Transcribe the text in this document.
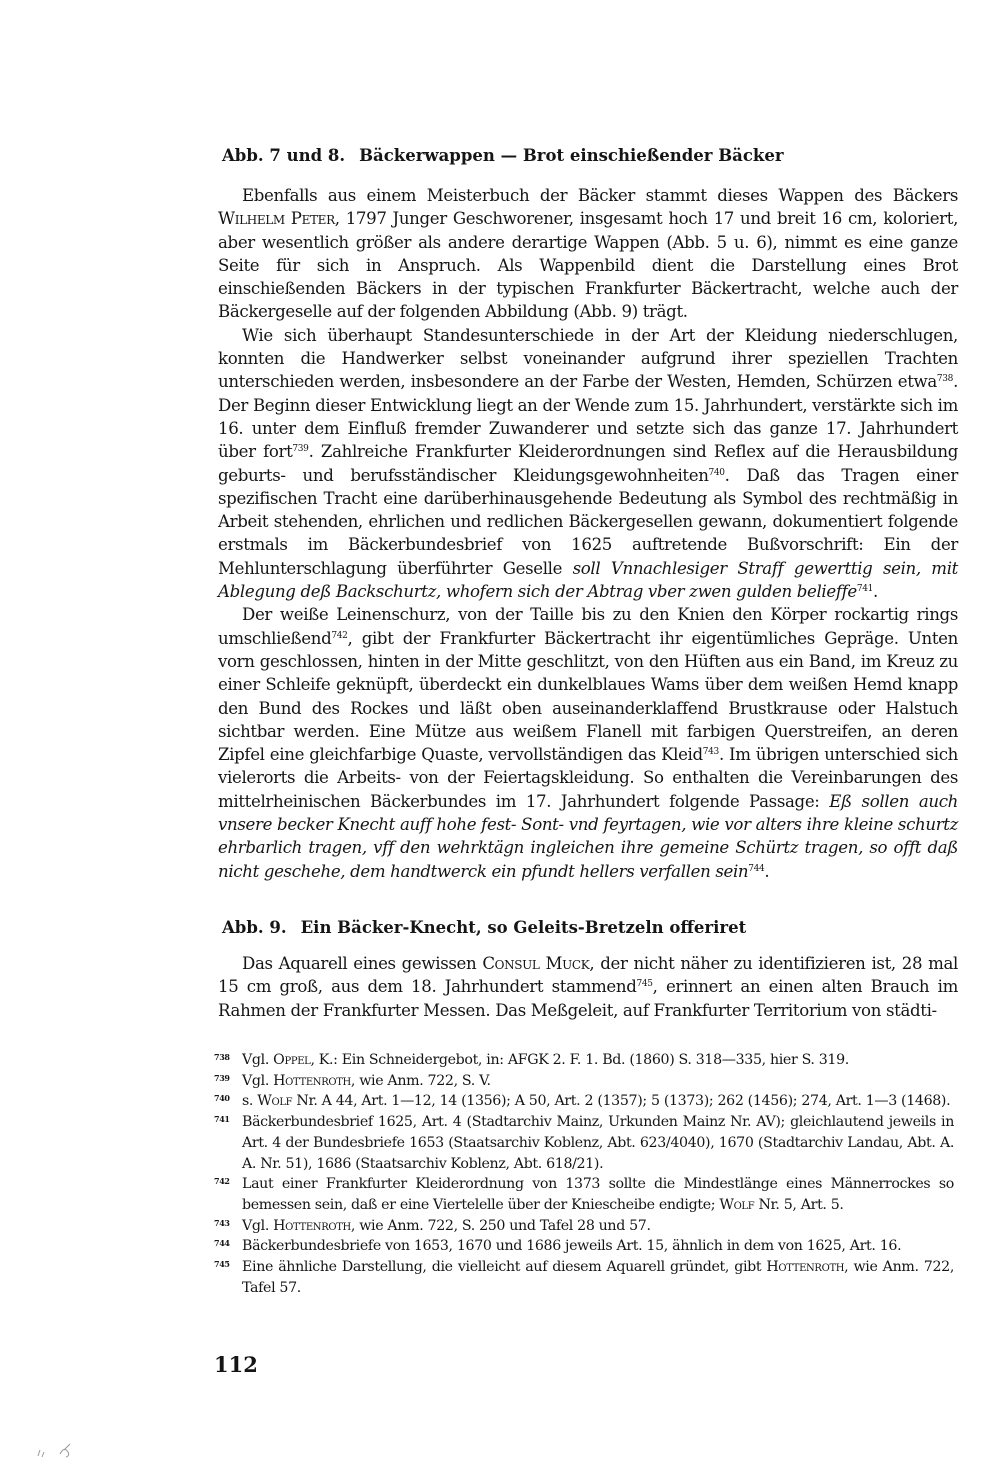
Abb. 7 und 8. Bäckerwappen — Brot einschießender Bäcker

Ebenfalls aus einem Meisterbuch der Bäcker stammt dieses Wappen des Bäckers Wilhelm Peter, 1797 Junger Geschworener, insgesamt hoch 17 und breit 16 cm, koloriert, aber wesentlich größer als andere derartige Wappen (Abb. 5 u. 6), nimmt es eine ganze Seite für sich in Anspruch. Als Wappenbild dient die Darstellung eines Brot einschießenden Bäckers in der typischen Frankfurter Bäckertracht, welche auch der Bäckergeselle auf der folgenden Abbildung (Abb. 9) trägt.

Wie sich überhaupt Standesunterschiede in der Art der Kleidung niederschlugen, konnten die Handwerker selbst voneinander aufgrund ihrer speziellen Trachten unterschieden werden, insbesondere an der Farbe der Westen, Hemden, Schürzen etwa$^{738}$. Der Beginn dieser Entwicklung liegt an der Wende zum 15. Jahrhundert, verstärkte sich im 16. unter dem Einfluß fremder Zuwanderer und setzte sich das ganze 17. Jahrhundert über fort$^{739}$. Zahlreiche Frankfurter Kleiderordnungen sind Reflex auf die Herausbildung geburts- und berufsständischer Kleidungsgewohnheiten$^{740}$. Daß das Tragen einer spezifischen Tracht eine darüberhinausgehende Bedeutung als Symbol des rechtmäßig in Arbeit stehenden, ehrlichen und redlichen Bäckergesellen gewann, dokumentiert folgende erstmals im Bäckerbundesbrief von 1625 auftretende Bußvorschrift: Ein der Mehlunterschlagung überführter Geselle soll Vnnachlesiger Straff gewerttig sein, mit Ablegung deß Backschurtz, whofern sich der Abtrag vber zwen gulden belieffe$^{741}$.

Der weiße Leinenschurz, von der Taille bis zu den Knien den Körper rockartig rings umschließend$^{742}$, gibt der Frankfurter Bäckertracht ihr eigentümliches Gepräge. Unten vorn geschlossen, hinten in der Mitte geschlitzt, von den Hüften aus ein Band, im Kreuz zu einer Schleife geknüpft, überdeckt ein dunkelblaues Wams über dem weißen Hemd knapp den Bund des Rockes und läßt oben auseinanderklaffend Brustkrause oder Halstuch sichtbar werden. Eine Mütze aus weißem Flanell mit farbigen Querstreifen, an deren Zipfel eine gleichfarbige Quaste, vervollständigen das Kleid$^{743}$. Im übrigen unterschied sich vielerorts die Arbeits- von der Feiertagskleidung. So enthalten die Vereinbarungen des mittelrheinischen Bäckerbundes im 17. Jahrhundert folgende Passage: Eß sollen auch vnsere becker Knecht auff hohe fest- Sont- vnd feyrtagen, wie vor alters ihre kleine schurtz ehrbarlich tragen, vff den wehrktägn ingleichen ihre gemeine Schürtz tragen, so offt daß nicht geschehe, dem handtwerck ein pfundt hellers verfallen sein$^{744}$.

Abb. 9. Ein Bäcker-Knecht, so Geleits-Bretzeln offeriret

Das Aquarell eines gewissen Consul Muck, der nicht näher zu identifizieren ist, 28 mal 15 cm groß, aus dem 18. Jahrhundert stammend$^{745}$, erinnert an einen alten Brauch im Rahmen der Frankfurter Messen. Das Meßgeleit, auf Frankfurter Territorium von städti-

738 Vgl. Oppel, K.: Ein Schneidergebot, in: AFGK 2. F. 1. Bd. (1860) S. 318—335, hier S. 319.
739 Vgl. Hottenroth, wie Anm. 722, S. V.
740 s. Wolf Nr. A 44, Art. 1—12, 14 (1356); A 50, Art. 2 (1357); 5 (1373); 262 (1456); 274, Art. 1—3 (1468).
741 Bäckerbundesbrief 1625, Art. 4 (Stadtarchiv Mainz, Urkunden Mainz Nr. AV); gleichlautend jeweils in Art. 4 der Bundesbriefe 1653 (Staatsarchiv Koblenz, Abt. 623/4040), 1670 (Stadtarchiv Landau, Abt. A. A. Nr. 51), 1686 (Staatsarchiv Koblenz, Abt. 618/21).
742 Laut einer Frankfurter Kleiderordnung von 1373 sollte die Mindestlänge eines Männerrockes so bemessen sein, daß er eine Viertelelle über der Kniescheibe endigte; Wolf Nr. 5, Art. 5.
743 Vgl. Hottenroth, wie Anm. 722, S. 250 und Tafel 28 und 57.
744 Bäckerbundesbriefe von 1653, 1670 und 1686 jeweils Art. 15, ähnlich in dem von 1625, Art. 16.
745 Eine ähnliche Darstellung, die vielleicht auf diesem Aquarell gründet, gibt Hottenroth, wie Anm. 722, Tafel 57.
112
